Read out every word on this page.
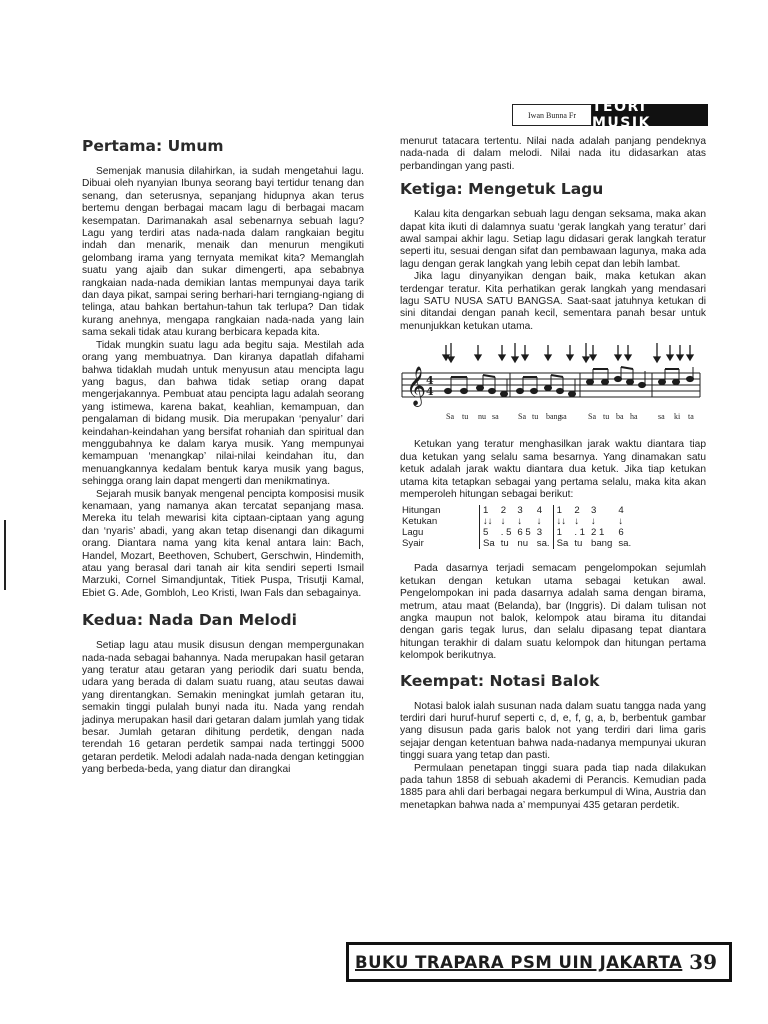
Iwan Bunna Fr	TEORI MUSIK
Pertama: Umum

Semenjak manusia dilahirkan, ia sudah mengetahui lagu. Dibuai oleh nyanyian Ibunya seorang bayi tertidur tenang dan senang, dan seterusnya, sepanjang hidupnya akan terus bertemu dengan berbagai macam lagu di berbagai macam kesempatan. Darimanakah asal sebenarnya sebuah lagu? Lagu yang terdiri atas nada-nada dalam rangkaian begitu indah dan menarik, menaik dan menurun mengikuti gelombang irama yang ternyata memikat kita? Memanglah suatu yang ajaib dan sukar dimengerti, apa sebabnya rangkaian nada-nada demikian lantas mempunyai daya tarik dan daya pikat, sampai sering berhari-hari terngiang-ngiang di telinga, atau bahkan bertahun-tahun tak terlupa? Dan tidak kurang anehnya, mengapa rangkaian nada-nada yang lain sama sekali tidak atau kurang berbicara kepada kita.

Tidak mungkin suatu lagu ada begitu saja. Mestilah ada orang yang membuatnya. Dan kiranya dapatlah difahami bahwa tidaklah mudah untuk menyusun atau mencipta lagu yang bagus, dan bahwa tidak setiap orang dapat mengerjakannya. Pembuat atau pencipta lagu adalah seorang yang istimewa, karena bakat, keahlian, kemampuan, dan pengalaman di bidang musik. Dia merupakan ‘penyalur’ dari keindahan-keindahan yang bersifat rohaniah dan spiritual dan menggubahnya ke dalam karya musik. Yang mempunyai kemampuan ‘menangkap’ nilai-nilai keindahan itu, dan menuangkannya kedalam bentuk karya musik yang bagus, sehingga orang lain dapat mengerti dan menikmatinya.

Sejarah musik banyak mengenal pencipta komposisi musik kenamaan, yang namanya akan tercatat sepanjang masa. Mereka itu telah mewarisi kita ciptaan-ciptaan yang agung dan ‘nyaris’ abadi, yang akan tetap disenangi dan dikagumi orang. Diantara nama yang kita kenal antara lain: Bach, Handel, Mozart, Beethoven, Schubert, Gerschwin, Hindemith, atau yang berasal dari tanah air kita sendiri seperti Ismail Marzuki, Cornel Simandjuntak, Titiek Puspa, Trisutji Kamal, Ebiet G. Ade, Gombloh, Leo Kristi, Iwan Fals dan sebagainya.

Kedua: Nada Dan Melodi

Setiap lagu atau musik disusun dengan mempergunakan nada-nada sebagai bahannya. Nada merupakan hasil getaran yang teratur atau getaran yang periodik dari suatu benda, udara yang berada di dalam suatu ruang, atau seutas dawai yang direntangkan. Semakin meningkat jumlah getaran itu, semakin tinggi pulalah bunyi nada itu. Nada yang rendah jadinya merupakan hasil dari getaran dalam jumlah yang tidak besar. Jumlah getaran dihitung perdetik, dengan nada terendah 16 getaran perdetik sampai nada tertinggi 5000 getaran perdetik. Melodi adalah nada-nada dengan ketinggian yang berbeda-beda, yang diatur dan dirangkai

menurut tatacara tertentu. Nilai nada adalah panjang pendeknya nada-nada di dalam melodi. Nilai nada itu didasarkan atas perbandingan yang pasti.

Ketiga: Mengetuk Lagu

Kalau kita dengarkan sebuah lagu dengan seksama, maka akan dapat kita ikuti di dalamnya suatu ‘gerak langkah yang teratur’ dari awal sampai akhir lagu. Setiap lagu didasari gerak langkah teratur seperti itu, sesuai dengan sifat dan pembawaan lagunya, maka ada lagu dengan gerak langkah yang lebih cepat dan lebih lambat.

Jika lagu dinyanyikan dengan baik, maka ketukan akan terdengar teratur. Kita perhatikan gerak langkah yang mendasari lagu SATU NUSA SATU BANGSA. Saat-saat jatuhnya ketukan di sini ditandai dengan panah kecil, sementara panah besar untuk menunjukkan ketukan utama.

𝄞 4
4
Sa tu nu sa Sa tu bang
sa	Sa tu ba ha	sa ki ta

Ketukan yang teratur menghasilkan jarak waktu diantara tiap dua ketukan yang selalu sama besarnya. Yang dinamakan satu ketuk adalah jarak waktu diantara dua ketuk. Jika tiap ketukan utama kita tetapkan sebagai yang pertama selalu, maka kita akan memperoleh hitungan sebagai berikut:

Hitungan		1	2	3	4		1	2	3	4
Ketukan		↓↓	↓	↓	↓		↓↓	↓	↓	↓
Lagu		5	. 5	6 5	3		1	. 1	2 1	6
Syair		Sa	tu	nu	sa.		Sa	tu	bang	sa.

Pada dasarnya terjadi semacam pengelompokan sejumlah ketukan dengan ketukan utama sebagai ketukan awal. Pengelompokan ini pada dasarnya adalah sama dengan birama, metrum, atau maat (Belanda), bar (Inggris). Di dalam tulisan not angka maupun not balok, kelompok atau birama itu ditandai dengan garis tegak lurus, dan selalu dipasang tepat diantara hitungan terakhir di dalam suatu kelompok dan hitungan pertama kelompok berikutnya.

Keempat: Notasi Balok

Notasi balok ialah susunan nada dalam suatu tangga nada yang terdiri dari huruf-huruf seperti c, d, e, f, g, a, b, berbentuk gambar yang disusun pada garis balok not yang terdiri dari lima garis sejajar dengan ketentuan bahwa nada-nadanya mempunyai ukuran tinggi suara yang tetap dan pasti.

Permulaan penetapan tinggi suara pada tiap nada dilakukan pada tahun 1858 di sebuah akademi di Perancis. Kemudian pada 1885 para ahli dari berbagai negara berkumpul di Wina, Austria dan menetapkan bahwa nada a’ mempunyai 435 getaran perdetik.

BUKU TRAPARA PSM UIN JAKARTA 39
